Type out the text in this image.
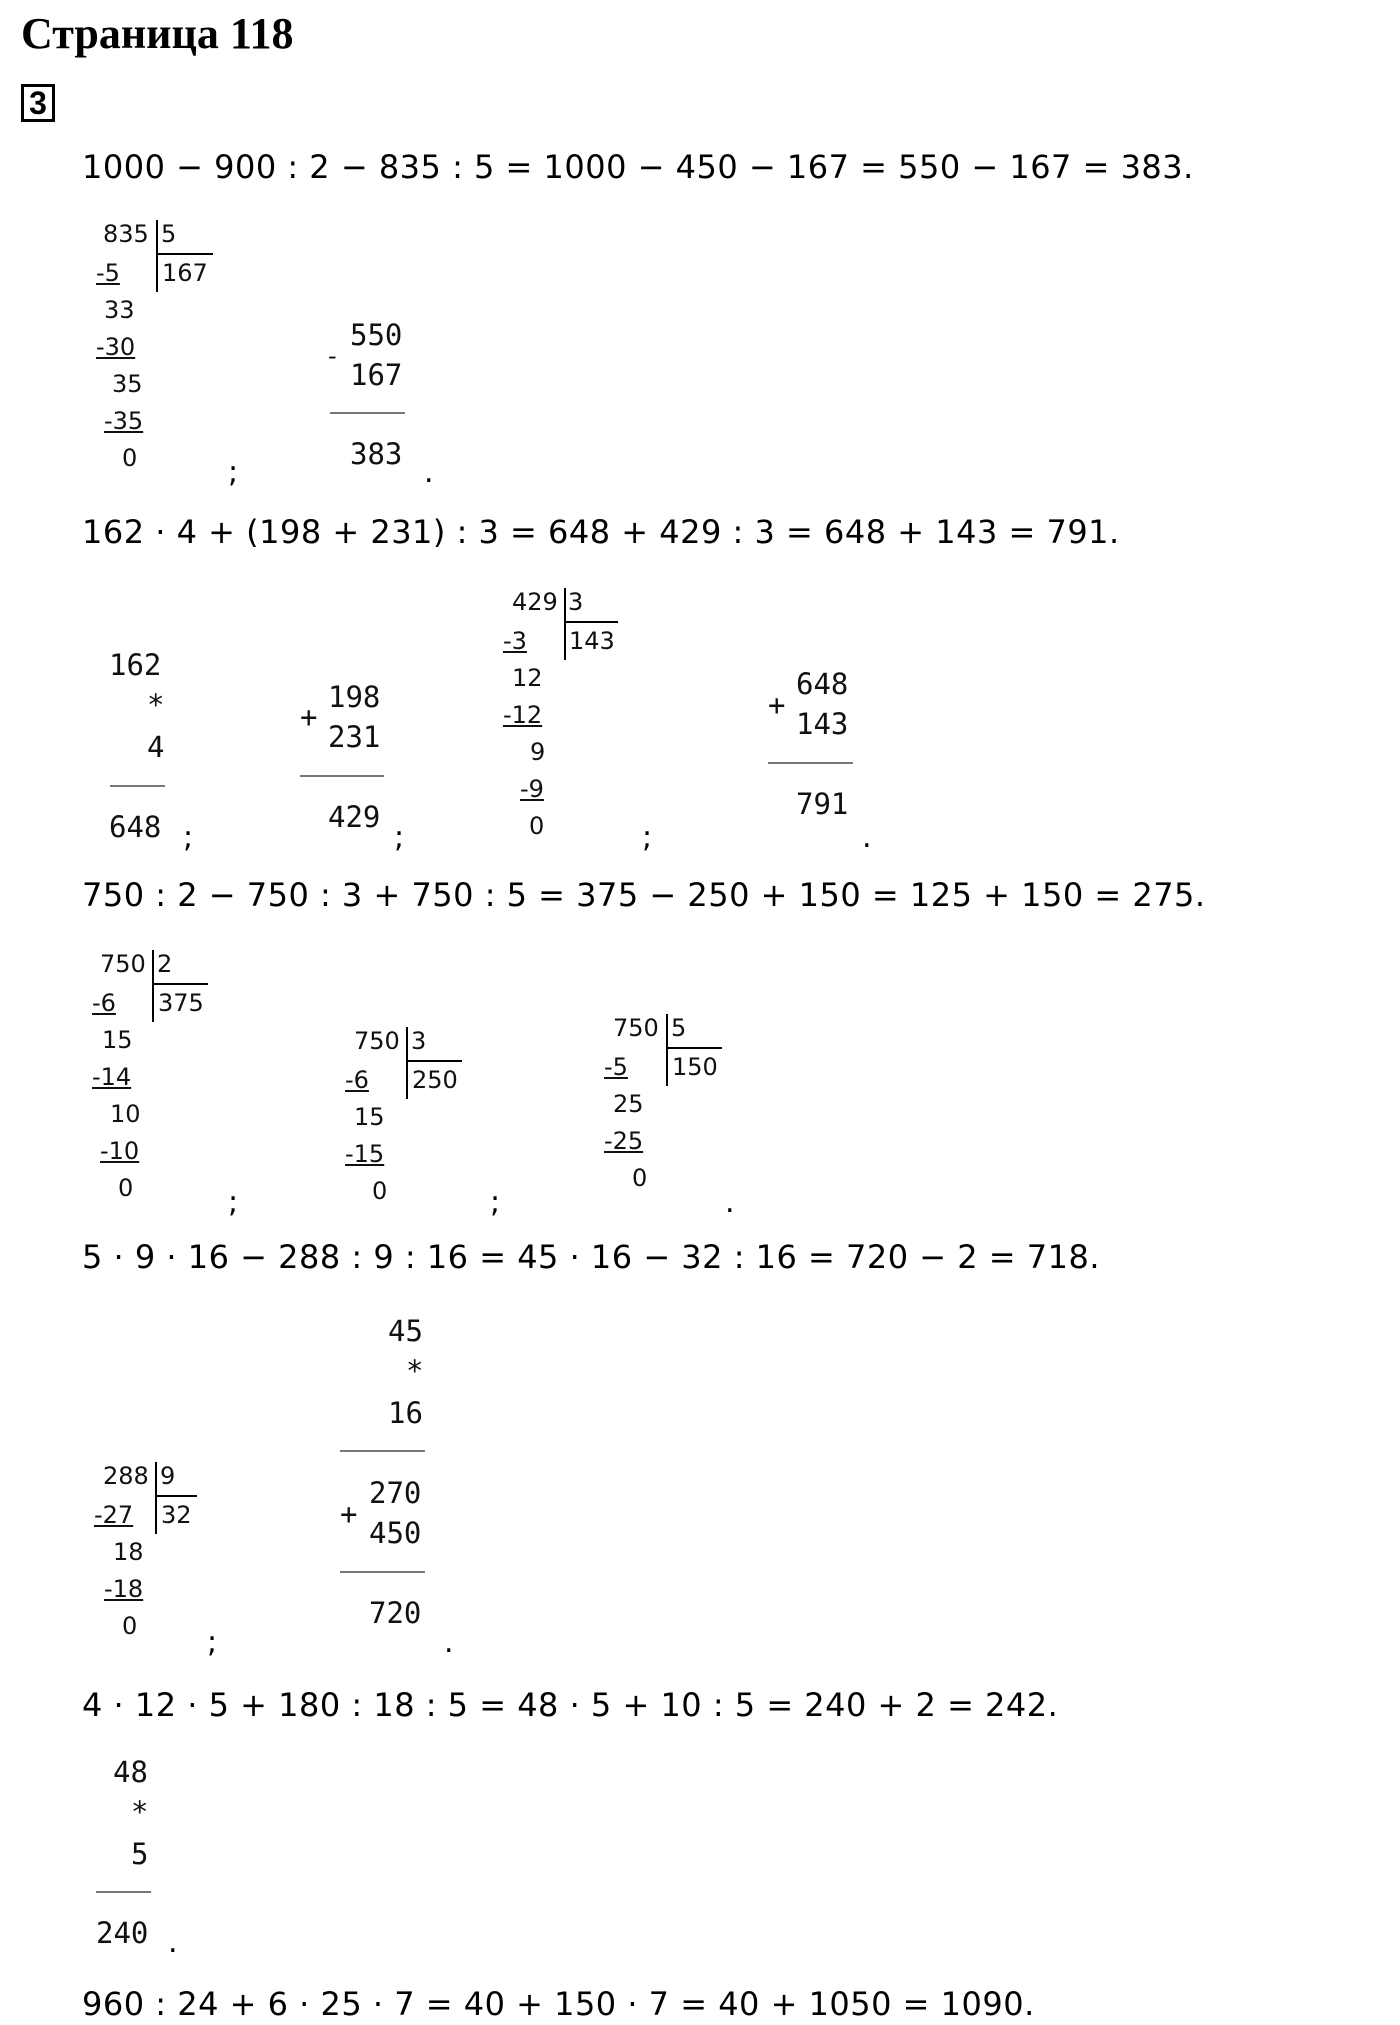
Страница 118
3
1000 − 900 : 2 − 835 : 5 = 1000 − 450 − 167 = 550 − 167 = 383.
835 5
167
-5
33
-30
35
-35
0	;
-
550
167
383
.
162 · 4 + (198 + 231) : 3 = 648 + 429 : 3 = 648 + 143 = 791.
162
*
4
648 ;
+
198
231
429
;
429 3
143
-3
12
-12
9
-9
0	;
+
648
143
791
.
750 : 2 − 750 : 3 + 750 : 5 = 375 − 250 + 150 = 125 + 150 = 275.
750 2
375
-6
15
-14
10
-10
0	;
750 3
250
-6
15
-15
0	;
750 5
150
-5
25
-25
0
.
5 · 9 · 16 − 288 : 9 : 16 = 45 · 16 − 32 : 16 = 720 − 2 = 718.
288 9
32
-27
18
-18
0 ;
45
*
16
+
270
450
720
.
4 · 12 · 5 + 180 : 18 : 5 = 48 · 5 + 10 : 5 = 240 + 2 = 242.
48
*
5
240 .
960 : 24 + 6 · 25 · 7 = 40 + 150 · 7 = 40 + 1050 = 1090.
